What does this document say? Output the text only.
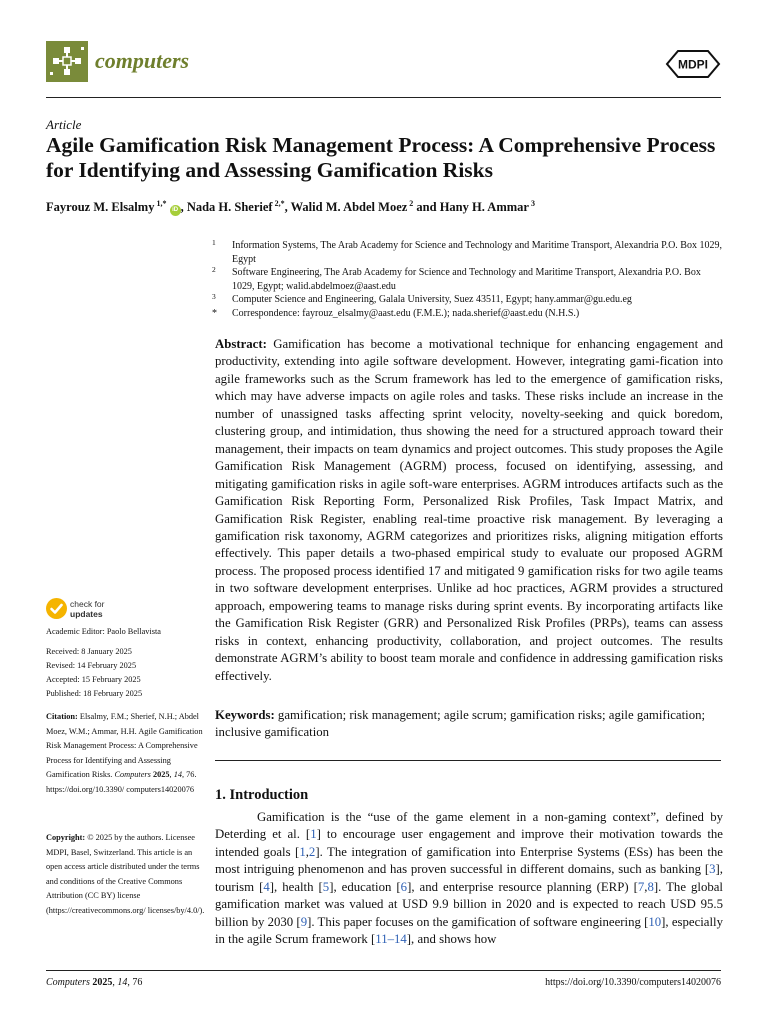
computers	MDPI
Article
Agile Gamification Risk Management Process: A Comprehensive Process for Identifying and Assessing Gamification Risks
Fayrouz M. Elsalmy $^{1,*}$ iD , Nada H. Sherief $^{2,*}$, Walid M. Abdel Moez $^2$ and Hany H. Ammar $^3$
1 Information Systems, The Arab Academy for Science and Technology and Maritime Transport, Alexandria P.O. Box 1029, Egypt
2 Software Engineering, The Arab Academy for Science and Technology and Maritime Transport, Alexandria P.O. Box 1029, Egypt; walid.abdelmoez@aast.edu
3 Computer Science and Engineering, Galala University, Suez 43511, Egypt; hany.ammar@gu.edu.eg
* Correspondence: fayrouz_elsalmy@aast.edu (F.M.E.); nada.sherief@aast.edu (N.H.S.)
Abstract: Gamification has become a motivational technique for enhancing engagement and productivity, extending into agile software development. However, integrating gami-fication into agile frameworks such as the Scrum framework has led to the emergence of gamification risks, which may have adverse impacts on agile roles and tasks. These risks include an increase in the number of unassigned tasks affecting sprint velocity, novelty-seeking and quick boredom, clustering group, and intimidation, thus showing the need for a structured approach toward their management, their impacts on team dynamics and project outcomes. This study proposes the Agile Gamification Risk Management (AGRM) process, focused on identifying, assessing, and mitigating gamification risks in agile soft-ware enterprises. AGRM introduces artifacts such as the Gamification Risk Reporting Form, Personalized Risk Profiles, Task Impact Matrix, and Gamification Risk Register, enabling real-time proactive risk management. By leveraging a gamification risk taxonomy, AGRM categorizes and prioritizes risks, aligning mitigation efforts effectively. This paper details a two-phased empirical study to evaluate our proposed AGRM process. The proposed process identified 17 and mitigated 9 gamification risks for two agile teams in two software development enterprises. Unlike ad hoc practices, AGRM provides a structured approach, empowering teams to manage risks during sprint events. By incorporating artifacts like the Gamification Risk Register (GRR) and Personalized Risk Profiles (PRPs), teams can assess risks in context, enhancing productivity, collaboration, and project outcomes. The results demonstrate AGRM’s ability to boost team morale and confidence in addressing gamification risks effectively.
Keywords: gamification; risk management; agile scrum; gamification risks; agile gamification; inclusive gamification
1. Introduction

Gamification is the “use of the game element in a non-gaming context”, defined by Deterding et al. [1] to encourage user engagement and improve their motivation towards the intended goals [1,2]. The integration of gamification into Enterprise Systems (ESs) has been the most intriguing phenomenon and has proven successful in different domains, such as banking [3], tourism [4], health [5], education [6], and enterprise resource planning (ERP) [7,8]. The global gamification market was valued at USD 9.9 billion in 2020 and is expected to reach USD 95.5 billion by 2030 [9]. This paper focuses on the gamification of software engineering [10], especially in the agile Scrum framework [11–14], and shows how

check for
updates
Academic Editor: Paolo Bellavista
Received: 8 January 2025
Revised: 14 February 2025
Accepted: 15 February 2025
Published: 18 February 2025
Citation: Elsalmy, F.M.; Sherief, N.H.; Abdel Moez, W.M.; Ammar, H.H. Agile Gamification Risk Management Process: A Comprehensive Process for Identifying and Assessing Gamification Risks. Computers 2025, 14, 76. https://doi.org/10.3390/ computers14020076
Copyright: © 2025 by the authors. Licensee MDPI, Basel, Switzerland. This article is an open access article distributed under the terms and conditions of the Creative Commons Attribution (CC BY) license (https://creativecommons.org/ licenses/by/4.0/).
Computers 2025, 14, 76	https://doi.org/10.3390/computers14020076
